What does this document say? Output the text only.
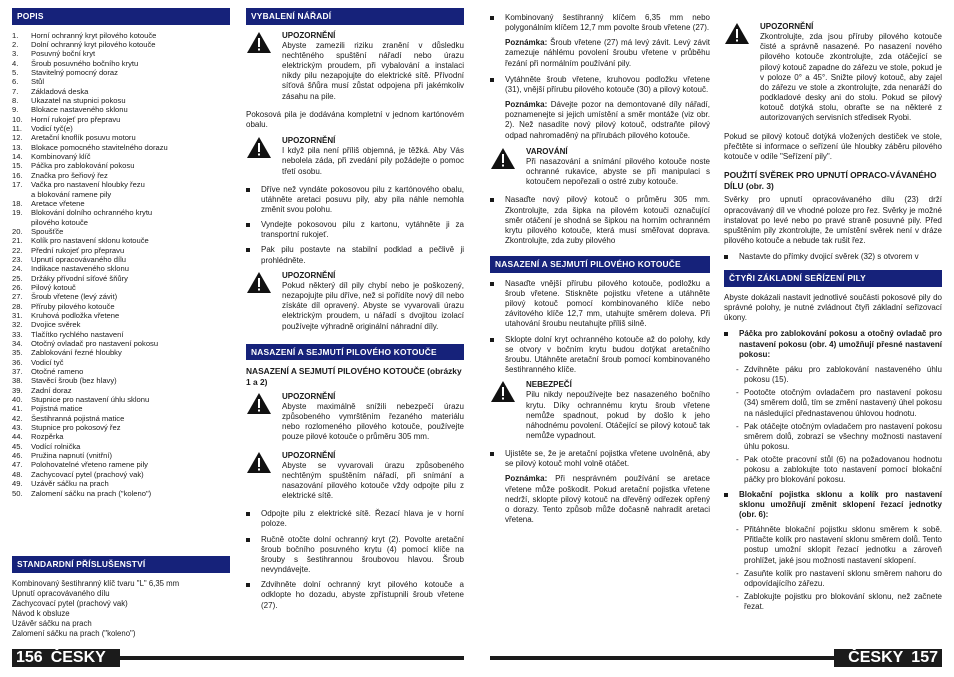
POPIS
1.	Horní ochranný kryt pilového kotouče
2.	Dolní ochranný kryt pilového kotouče
3.	Posuvný boční kryt
4.	Šroub posuvného bočního krytu
5.	Stavitelný pomocný doraz
6.	Stůl
7.	Základová deska
8.	Ukazatel na stupnici pokosu
9.	Blokace nastaveného sklonu
10.	Horní rukojeť pro přepravu
11.	Vodicí tyč(e)
12.	Aretační knoflík posuvu motoru
13.	Blokace pomocného stavitelného dorazu
14.	Kombinovaný klíč
15.	Páčka pro zablokování pokosu
16.	Značka pro šeřiový řez
17.	Vačka pro nastavení hloubky řezu
a blokování ramene pily
18.	Aretace vřetene
19.	Blokování dolního ochranného krytu
pilového kotouče
20.	Spoušťče
21.	Kolík pro nastavení sklonu kotouče
22.	Přední rukojeť pro přepravu
23.	Upnutí opracovávaného dílu
24.	Indikace nastaveného sklonu
25.	Držáky přívodní síťové šňůry
26.	Pilový kotouč
27.	Šroub vřetene (levý závit)
28.	Příruby pilového kotouče
31.	Kruhová podložka vřetene
32.	Dvojice svěrek
33.	Tlačítko rychlého nastavení
34.	Otočný ovladač pro nastavení pokosu
35.	Zablokování řezné hloubky
36.	Vodicí tyč
37.	Otočné rameno
38.	Stavěcí šroub (bez hlavy)
39.	Zadní doraz
40.	Stupnice pro nastavení úhlu sklonu
41.	Pojistná matice
42.	Šestihranná pojistná matice
43.	Stupnice pro pokosový řez
44.	Rozpěrka
45.	Vodící rolnička
46.	Pružina napnutí (vnitřní)
47.	Polohovatelné vřeteno ramene pily
48.	Zachycovací pytel (prachový vak)
49.	Uzávěr sáčku na prach
50.	Zalomení sáčku na prach ("koleno")
STANDARDNÍ PŘÍSLUŠENSTVÍ
Kombinovaný šestihranný klíč tvaru "L" 6,35 mm
Upnutí opracovávaného dílu
Zachycovací pytel (prachový vak)
Návod k obsluze
Uzávěr sáčku na prach
Zalomení sáčku na prach ("koleno")
VYBALENÍ NÁŘADÍ
UPOZORNĚNÍ
Abyste zamezili riziku zranění v důsledku nechtěného spuštění nářadí nebo úrazu elektrickým proudem, při vybalování a instalaci nikdy pilu nezapojujte do elektrické sítě. Přívodní síťová šňůra musí zůstat odpojena při jakémkoliv zásahu na pile.

Pokosová pila je dodávána kompletní v jednom kartónovém obalu.

UPOZORNĚNÍ
I když pila není příliš objemná, je těžká. Aby Vás nebolela záda, při zvedání pily požádejte o pomoc třetí osobu.
Dříve než vyndáte pokosovou pilu z kartónového obalu, utáhněte aretaci posuvu pily, aby pila náhle nemohla změnit svou polohu.
Vyndejte pokosovou pilu z kartonu, vytáhněte ji za transportní rukojeť.
Pak pilu postavte na stabilní podklad a pečlivě ji prohlédněte.
UPOZORNĚNÍ
Pokud některý díl pily chybí nebo je poškozený, nezapojujte pilu dříve, než si pořídíte nový díl nebo získáte díl opravený. Abyste se vyvarovali úrazu elektrickým proudem, u nářadí s dvojitou izolací používejte výhradně originální náhradní díly.
NASAZENÍ A SEJMUTÍ PILOVÉHO KOTOUČE
NASAZENÍ A SEJMUTÍ PILOVÉHO KOTOUČE (obrázky 1 a 2)
UPOZORNĚNÍ
Abyste maximálně snížili nebezpečí úrazu způsobeného vymrštěním řezaného materiálu nebo rozlomeného pilového kotouče, používejte pouze pilové kotouče o průměru 305 mm.
UPOZORNĚNÍ
Abyste se vyvarovali úrazu způsobeného nechtěným spuštěním nářadí, při snímání a nasazování pilového kotouče vždy odpojte pilu z elektrické sítě.
Odpojte pilu z elektrické sítě. Řezací hlava je v horní poloze.
Ručně otočte dolní ochranný kryt (2). Povolte aretační šroub bočního posuvného krytu (4) pomocí klíče na šrouby s šestihrannou šroubovou hlavou. Šroub nevyndávejte.
Zdvihněte dolní ochranný kryt pilového kotouče a odklopte ho dozadu, abyste zpřístupnili šroub vřetene (27).
Kombinovaný šestihranný klíčem 6,35 mm nebo polygonálním klíčem 12,7 mm povolte šroub vřetene (27).

Poznámka: Šroub vřetene (27) má levý závit. Levý závit zamezuje náhlému povolení šroubu vřetene v průběhu řezání při normálním používání pily.

Vytáhněte šroub vřetene, kruhovou podložku vřetene (31), vnější přírubu pilového kotouče (30) a pilový kotouč.

Poznámka: Dávejte pozor na demontované díly nářadí, poznamenejte si jejich umístění a směr montáže (viz obr. 2). Než nasadíte nový pilový kotouč, odstraňte pilový odpad nahromaděný na přírubách pilového kotouče.

VAROVÁNÍ
Při nasazování a snímání pilového kotouče noste ochranné rukavice, abyste se při manipulaci s kotoučem nepořezali o ostré zuby kotouče.
Nasaďte nový pilový kotouč o průměru 305 mm. Zkontrolujte, zda šipka na pilovém kotouči označující směr otáčení je shodná se šipkou na horním ochranném krytu pilového kotouče, která musí směřovat dopravа. Zkontrolujte, zda zuby pilového
NASAZENÍ A SEJMUTÍ PILOVÉHO KOTOUČE
Nasaďte vnější přírubu pilového kotouče, podložku a šroub vřetene. Stiskněte pojistku vřetene a utáhněte pilový kotouč pomocí kombinovaného klíče nebo závitového klíče 12,7 mm, utahujte směrem doleva. Při utahování šroubu neutahujte příliš silně.
Sklopte dolní kryt ochranného kotouče až do polohy, kdy se otvory v bočním krytu budou dotýkat aretačního šroubu. Utáhněte aretační šroub pomocí kombinovaného šestihranného klíče.
NEBEZPEČÍ
Pilu nikdy nepoužívejte bez nasazeného bočního krytu. Díky ochrannému krytu šroub vřetene nemůže spadnout, pokud by došlo k jeho náhodnému povolení. Otáčející se pilový kotouč tak nemůže vypadnout.
Ujistěte se, že je aretační pojistka vřetene uvolněná, aby se pilový kotouč mohl volně otáčet.

Poznámka: Při nesprávném používání se aretace vřetene může poškodit. Pokud aretační pojistka vřetene nedrží, sklopte pilový kotouč na dřevěný odřezek opřený o dorazy. Tento způsob může dočasně nahradit aretaci vřetena.

UPOZORNĚNÍ
Zkontrolujte, zda jsou příruby pilového kotouče čisté a správně nasazené. Po nasazení nového pilového kotouče zkontrolujte, zda otáčející se pilový kotouč zapadne do zářezu ve stole, pokud je v poloze 0° a 45°. Snižte pilový kotouč, aby zajel do zářezu ve stole a zkontrolujte, zda nenaráží do podkladové desky ani do stolu. Pokud se pilový kotouč dotýká stolu, obraťte se na některé z autorizovaných servisních středisek Ryobi.

Pokud se pilový kotouč dotýká vložených destiček ve stole, přečtěte si informace o seřízení úle hloubky záběru pilového kotouče v odíle "Seřízení pily".

POUŽITÍ SVĚREK PRO UPNUTÍ OPRACO-VÁVANÉHO DÍLU (obr. 3)

Svěrky pro upnutí opracovávaného dílu (23) drží opracovávaný díl ve vhodné poloze pro řez. Svěrky je možné instalovat po levé nebo po pravé straně posuvné pily. Před spuštěním pily zkontrolujte, že umístění svěrek není v dráze pilového kotouče a nebude tak rušit řez.

Nastavte do přímky dvojicí svěrek (32) s otvorem v
ČTYŘI ZÁKLADNÍ SEŘÍZENÍ PILY

Abyste dokázali nastavit jednotlivé součásti pokosové pily do správné polohy, je nutné zvládnout čtyři základní seřizovací úkony.

Páčka pro zablokování pokosu a otočný ovladač pro nastavení pokosu (obr. 4) umožňují přesné nastavení pokosu:
- Zdvihněte páku pro zablokování nastaveného úhlu pokosu (15).
- Pootočte otočným ovladačem pro nastavení pokosu (34) směrem dolů, tím se změní nastavený úhel pokosu na následující přednastavenou úhlovou hodnotu.
- Pak otáčejte otočným ovladačem pro nastavení pokosu směrem dolů, zobrazí se všechny možnosti nastavení úhlu pokosu.
- Pak otočte pracovní stůl (6) na požadovanou hodnotu pokosu a zablokujte toto nastavení pomocí blokační páčky pro blokování pokosu.
Blokační pojistka sklonu a kolík pro nastavení sklonu umožňují změnit sklopení řezací jednotky (obr. 6):
- Přitáhněte blokační pojistku sklonu směrem k sobě. Přitlačte kolík pro nastavení sklonu směrem dolů. Tento postup umožní sklopit řezací jednotku a zároveň prohlížet, jaké jsou možnosti nastavení sklopení.
- Zasuňte kolík pro nastavení sklonu směrem nahoru do odpovídajícího zářezu.
- Zablokujte pojistku pro blokování sklonu, než začnete řezat.
156 ČESKY	ČESKY 157
